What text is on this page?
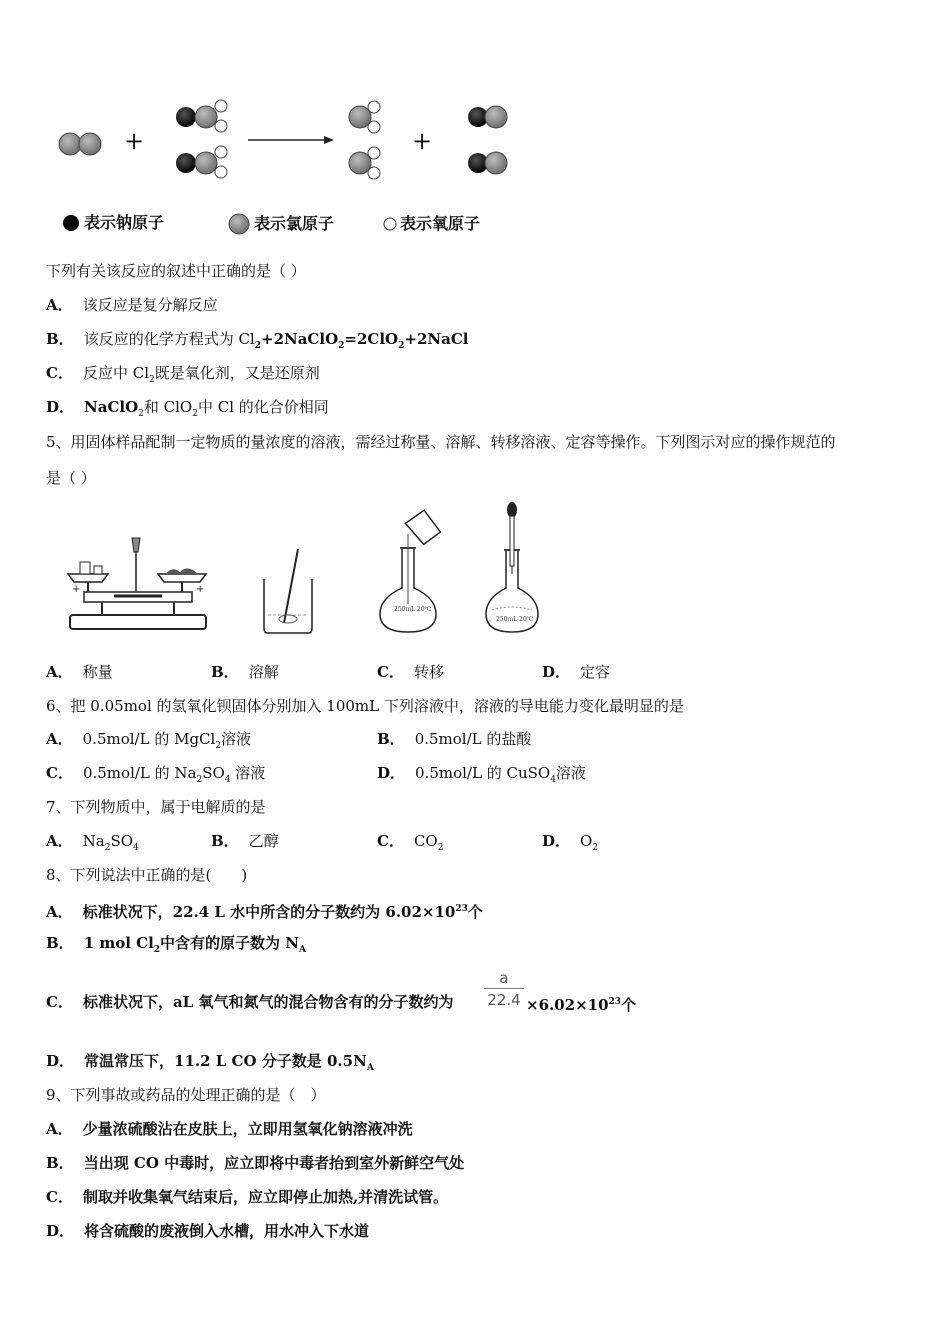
+	+
表示钠原子	表示氯原子	表示氧原子
下列有关该反应的叙述中正确的是（ ）
A． 该反应是复分解反应
B． 该反应的化学方程式为 $Cl_2+2NaClO_2=2ClO_2+2NaCl$
C． 反应中 $Cl_2$既是氧化剂，又是还原剂
D． NaClO$_2$和 ClO$_2$中 Cl 的化合价相同
5、用固体样品配制一定物质的量浓度的溶液，需经过称量、溶解、转移溶液、定容等操作。下列图示对应的操作规范的
是（ ）
+	+
250mL 20℃
250mL 20℃
A． 称量	B． 溶解	C． 转移	D． 定容
6、把 0.05mol 的氢氧化钡固体分别加入 100mL 下列溶液中，溶液的导电能力变化最明显的是
A． 0.5mol/L 的 MgCl$_2$溶液	B． 0.5mol/L 的盐酸
C． 0.5mol/L 的 $Na_2SO_4$ 溶液	D． 0.5mol/L 的 CuSO$_4$溶液
7、下列物质中，属于电解质的是
A． $Na_2SO_4$	B． 乙醇	C． $CO_2$	D． $O_2$
8、下列说法中正确的是(　　)
A． 标准状况下，22.4 L 水中所含的分子数约为 $6.02\times 10^{23}$个
B． 1 mol $Cl_2$中含有的原子数为 $N_A$
C． 标准状况下，aL 氧气和氮气的混合物含有的分子数约为 $\frac{a}{22.4} \times 6.02\times 10^{23}$个
D． 常温常压下，11.2 L CO 分子数是 $0.5N_A$
9、下列事故或药品的处理正确的是（　）
A． 少量浓硫酸沾在皮肤上，立即用氢氧化钠溶液冲洗
B． 当出现 CO 中毒时，应立即将中毒者抬到室外新鲜空气处
C． 制取并收集氧气结束后，应立即停止加热,并清洗试管。
D． 将含硫酸的废液倒入水槽，用水冲入下水道
